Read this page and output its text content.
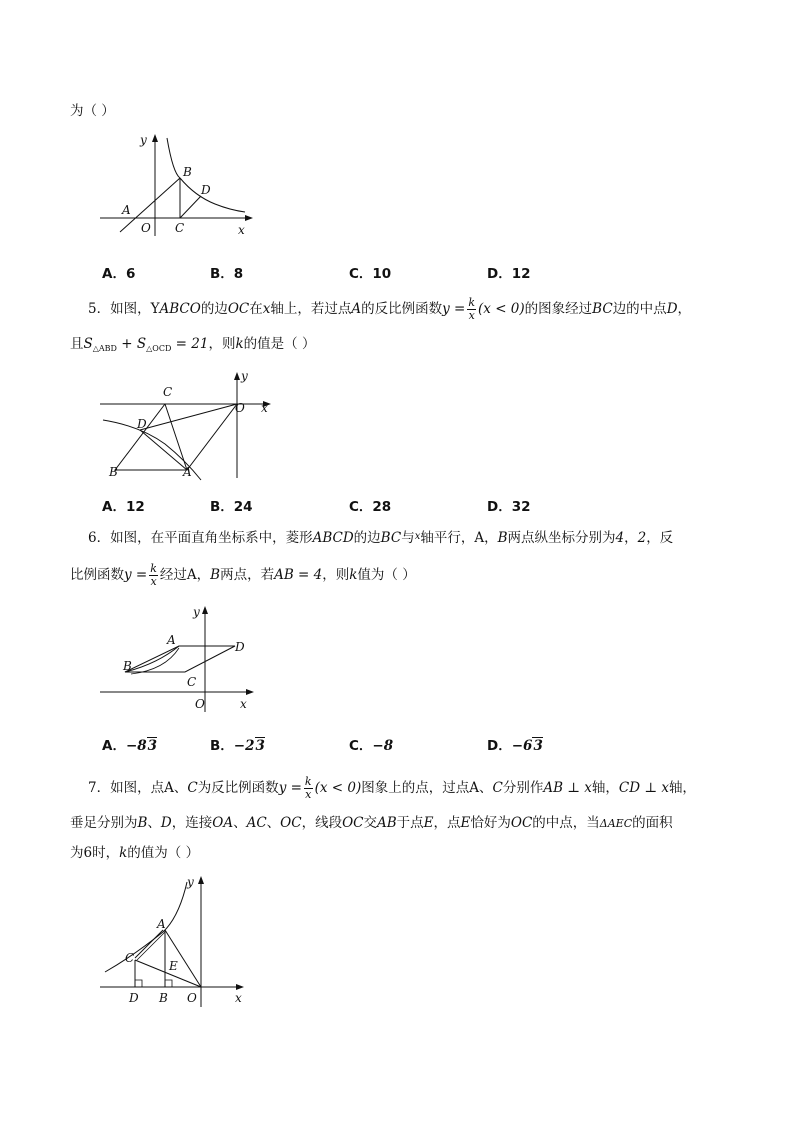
为（ ）
y
x
A
B
C
D
O
A．6	B．8	C．10	D．12
5．如图，YABCO的边OC在x轴上，若过点A的反比例函数$y = \frac{k}{x} (x < 0)$的图象经过BC边的中点D，
且$S_{\triangle ABD} + S_{\triangle OCD} = 21$，则k的值是（ ）
y
x
C
O
D
B	A
A．12	B．24	C．28	D．32
6．如图，在平面直角坐标系中，菱形ABCD的边BC与$^x$轴平行，A，B两点纵坐标分别为4，2，反
比例函数$y = \frac{k}{x}$ 经过A，B两点，若AB = 4，则k值为（ ）
y
x
A
B
C
D
O
A．−83	B．−23	C．−8	D．−63
7．如图，点A、C为反比例函数$y = \frac{k}{x} (x < 0)$图象上的点，过点A、C分别作AB ⊥ x轴，CD ⊥ x轴，
垂足分别为B、D，连接OA、AC、OC，线段OC交AB于点E，点E恰好为OC的中点，当ΔAEC的面积
为6时，k的值为（ ）
y
x
A
C
E
D B O
